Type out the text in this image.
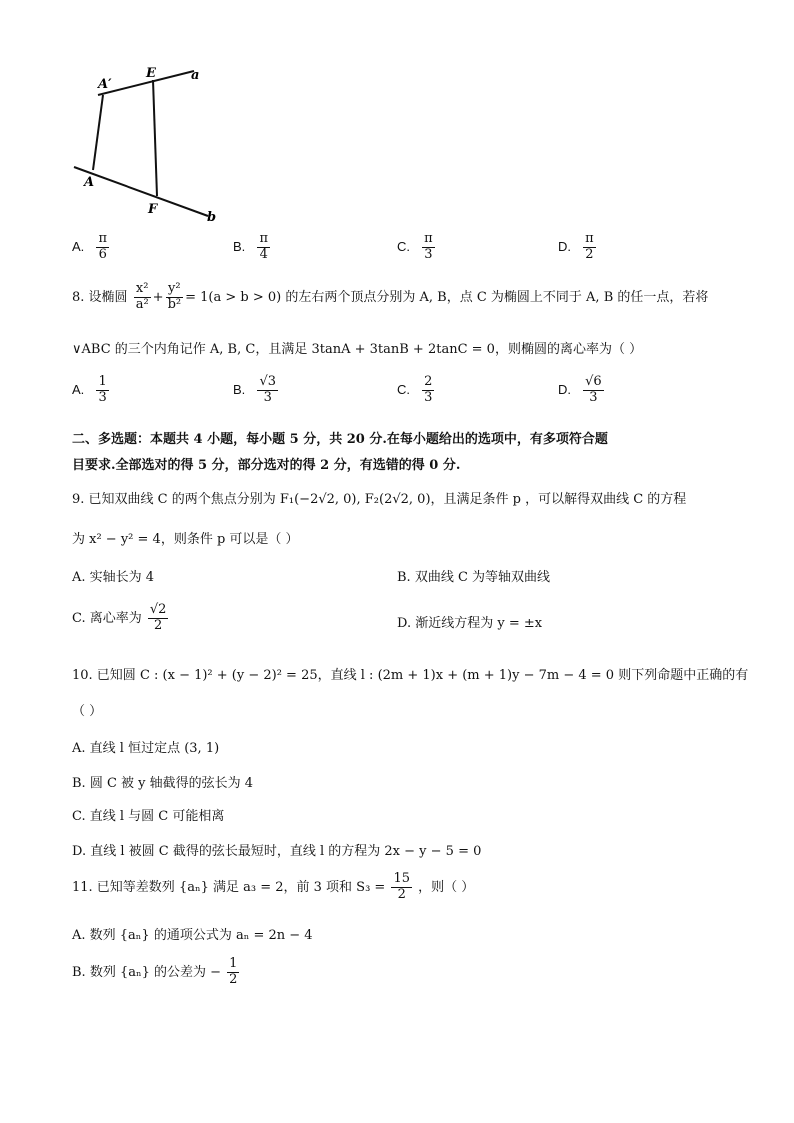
A′
E	a
A
F
b
A. $\frac{\pi}{6}$	B. $\frac{\pi}{4}$	C. $\frac{\pi}{3}$	D. $\frac{\pi}{2}$
8. 设椭圆 $\frac{\text{x²}}{\text{a²}} + \frac{\text{y²}}{\text{b²}} = 1(a > b > 0)$ 的左右两个顶点分别为 A, B，点 C 为椭圆上不同于 A, B 的任一点，若将
∨ABC 的三个内角记作 A, B, C，且满足 3tanA + 3tanB + 2tanC = 0，则椭圆的离心率为（ ）
A. $\frac{1}{3}$	B. $\frac{√3}{3}$	C. $\frac{2}{3}$	D. $\frac{√6}{3}$
二、多选题：本题共 4 小题，每小题 5 分，共 20 分.在每小题给出的选项中，有多项符合题
目要求.全部选对的得 5 分，部分选对的得 2 分，有选错的得 0 分.
9. 已知双曲线 C 的两个焦点分别为 F₁(−2√2, 0), F₂(2√2, 0)，且满足条件 p ，可以解得双曲线 C 的方程
为 x² − y² = 4，则条件 p 可以是（ ）
A. 实轴长为 4	B. 双曲线 C 为等轴双曲线
C. 离心率为 $\frac{√2}{2}$	D. 渐近线方程为 y = ±x
10. 已知圆 C : (x − 1)² + (y − 2)² = 25，直线 l : (2m + 1)x + (m + 1)y − 7m − 4 = 0 则下列命题中正确的有
（ ）
A. 直线 l 恒过定点 (3, 1)
B. 圆 C 被 y 轴截得的弦长为 4
C. 直线 l 与圆 C 可能相离
D. 直线 l 被圆 C 截得的弦长最短时，直线 l 的方程为 2x − y − 5 = 0
11. 已知等差数列 {aₙ} 满足 a₃ = 2，前 3 项和 $S_3 = \frac{15}{2}$ ，则（ ）
A. 数列 {aₙ} 的通项公式为 aₙ = 2n − 4
B. 数列 {aₙ} 的公差为 − $\frac{1}{2}$
